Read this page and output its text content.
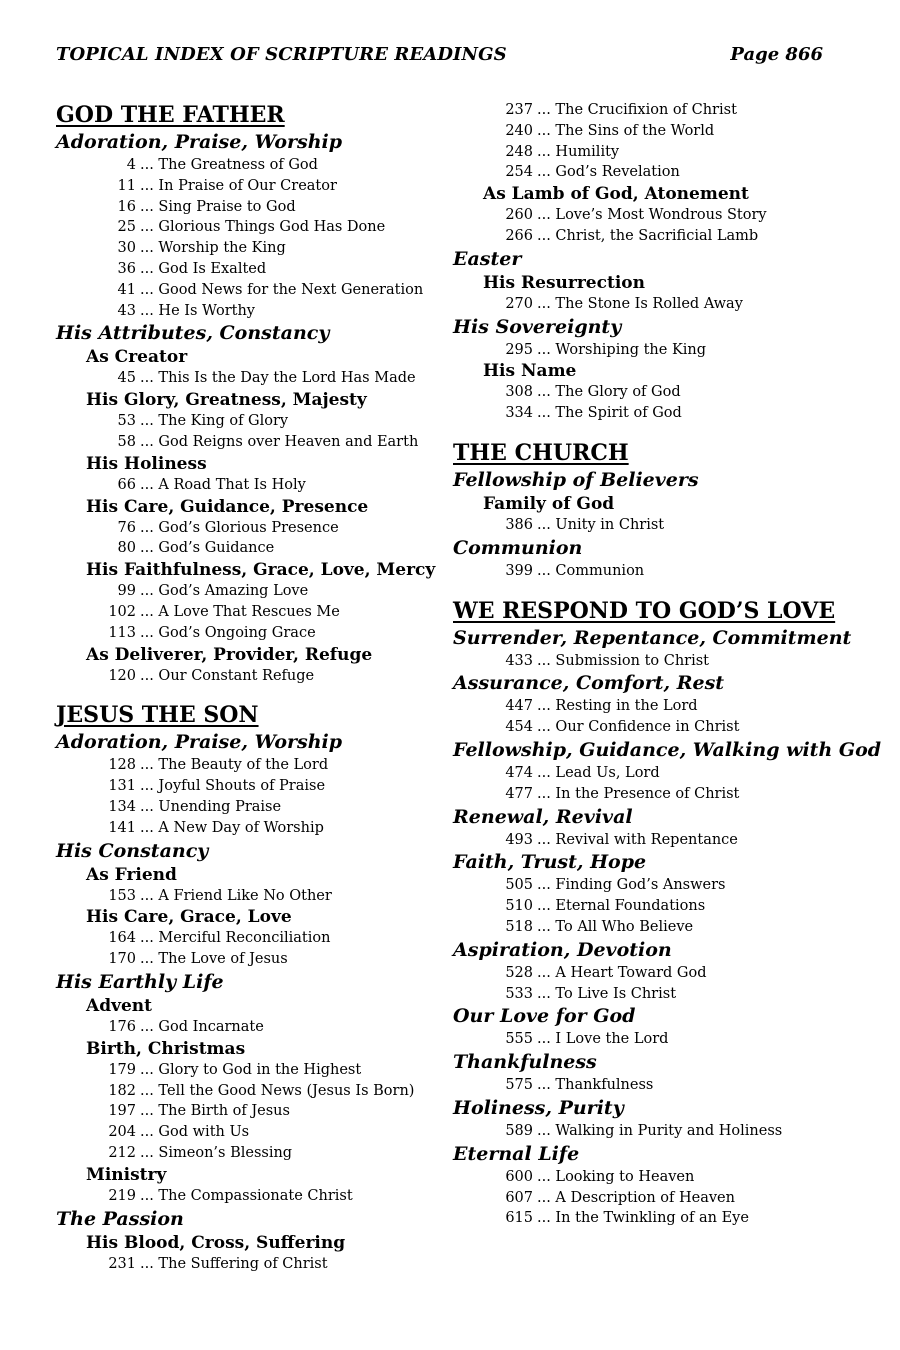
TOPICAL INDEX OF SCRIPTURE READINGS	Page 866
GOD THE FATHER
Adoration, Praise, Worship
4 ... The Greatness of God
11 ... In Praise of Our Creator
16 ... Sing Praise to God
25 ... Glorious Things God Has Done
30 ... Worship the King
36 ... God Is Exalted
41 ... Good News for the Next Generation
43 ... He Is Worthy
His Attributes, Constancy
As Creator
45 ... This Is the Day the Lord Has Made
His Glory, Greatness, Majesty
53 ... The King of Glory
58 ... God Reigns over Heaven and Earth
His Holiness
66 ... A Road That Is Holy
His Care, Guidance, Presence
76 ... God’s Glorious Presence
80 ... God’s Guidance
His Faithfulness, Grace, Love, Mercy
99 ... God’s Amazing Love
102 ... A Love That Rescues Me
113 ... God’s Ongoing Grace
As Deliverer, Provider, Refuge
120 ... Our Constant Refuge
JESUS THE SON
Adoration, Praise, Worship
128 ... The Beauty of the Lord
131 ... Joyful Shouts of Praise
134 ... Unending Praise
141 ... A New Day of Worship
His Constancy
As Friend
153 ... A Friend Like No Other
His Care, Grace, Love
164 ... Merciful Reconciliation
170 ... The Love of Jesus
His Earthly Life
Advent
176 ... God Incarnate
Birth, Christmas
179 ... Glory to God in the Highest
182 ... Tell the Good News (Jesus Is Born)
197 ... The Birth of Jesus
204 ... God with Us
212 ... Simeon’s Blessing
Ministry
219 ... The Compassionate Christ
The Passion
His Blood, Cross, Suffering
231 ... The Suffering of Christ
237 ... The Crucifixion of Christ
240 ... The Sins of the World
248 ... Humility
254 ... God’s Revelation
As Lamb of God, Atonement
260 ... Love’s Most Wondrous Story
266 ... Christ, the Sacrificial Lamb
Easter
His Resurrection
270 ... The Stone Is Rolled Away
His Sovereignty
295 ... Worshiping the King
His Name
308 ... The Glory of God
334 ... The Spirit of God
THE CHURCH
Fellowship of Believers
Family of God
386 ... Unity in Christ
Communion
399 ... Communion
WE RESPOND TO GOD’S LOVE
Surrender, Repentance, Commitment
433 ... Submission to Christ
Assurance, Comfort, Rest
447 ... Resting in the Lord
454 ... Our Confidence in Christ
Fellowship, Guidance, Walking with God
474 ... Lead Us, Lord
477 ... In the Presence of Christ
Renewal, Revival
493 ... Revival with Repentance
Faith, Trust, Hope
505 ... Finding God’s Answers
510 ... Eternal Foundations
518 ... To All Who Believe
Aspiration, Devotion
528 ... A Heart Toward God
533 ... To Live Is Christ
Our Love for God
555 ... I Love the Lord
Thankfulness
575 ... Thankfulness
Holiness, Purity
589 ... Walking in Purity and Holiness
Eternal Life
600 ... Looking to Heaven
607 ... A Description of Heaven
615 ... In the Twinkling of an Eye
